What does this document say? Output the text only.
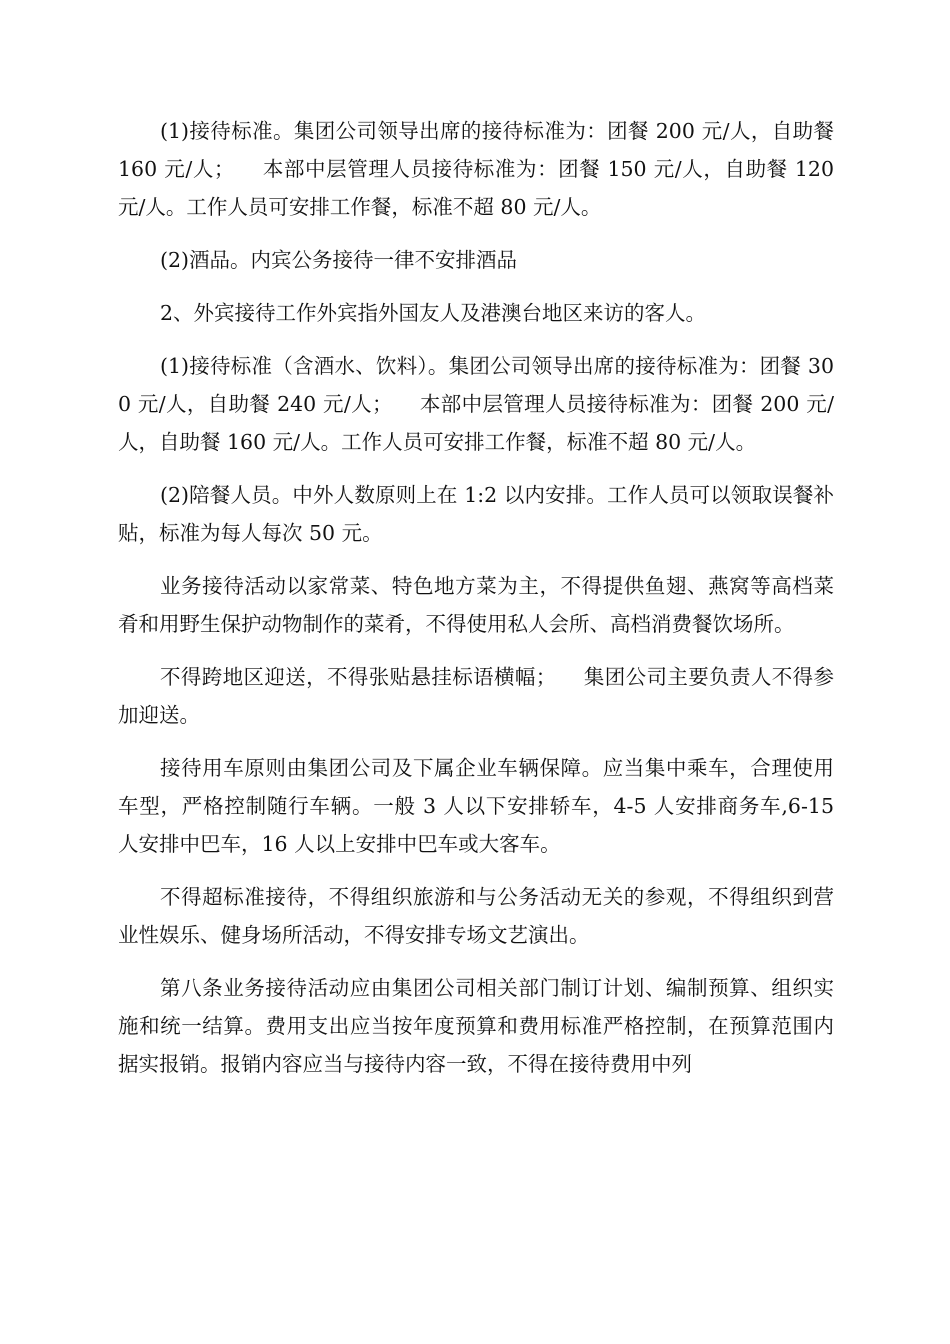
(1)接待标准。集团公司领导出席的接待标准为：团餐 200 元/人，自助餐 160 元/人；    本部中层管理人员接待标准为：团餐 150 元/人，自助餐 120 元/人。工作人员可安排工作餐，标准不超 80 元/人。

(2)酒品。内宾公务接待一律不安排酒品

2、外宾接待工作外宾指外国友人及港澳台地区来访的客人。

(1)接待标准（含酒水、饮料）。集团公司领导出席的接待标准为：团餐 300 元/人，自助餐 240 元/人；    本部中层管理人员接待标准为：团餐 200 元/人，自助餐 160 元/人。工作人员可安排工作餐，标准不超 80 元/人。

(2)陪餐人员。中外人数原则上在 1:2 以内安排。工作人员可以领取误餐补贴，标准为每人每次 50 元。

业务接待活动以家常菜、特色地方菜为主，不得提供鱼翅、燕窝等高档菜肴和用野生保护动物制作的菜肴，不得使用私人会所、高档消费餐饮场所。

不得跨地区迎送，不得张贴悬挂标语横幅；    集团公司主要负责人不得参加迎送。

接待用车原则由集团公司及下属企业车辆保障。应当集中乘车，合理使用车型，严格控制随行车辆。一般 3 人以下安排轿车，4-5 人安排商务车,6-15 人安排中巴车，16 人以上安排中巴车或大客车。

不得超标准接待，不得组织旅游和与公务活动无关的参观，不得组织到营业性娱乐、健身场所活动，不得安排专场文艺演出。

第八条业务接待活动应由集团公司相关部门制订计划、编制预算、组织实施和统一结算。费用支出应当按年度预算和费用标准严格控制，在预算范围内据实报销。报销内容应当与接待内容一致，不得在接待费用中列
